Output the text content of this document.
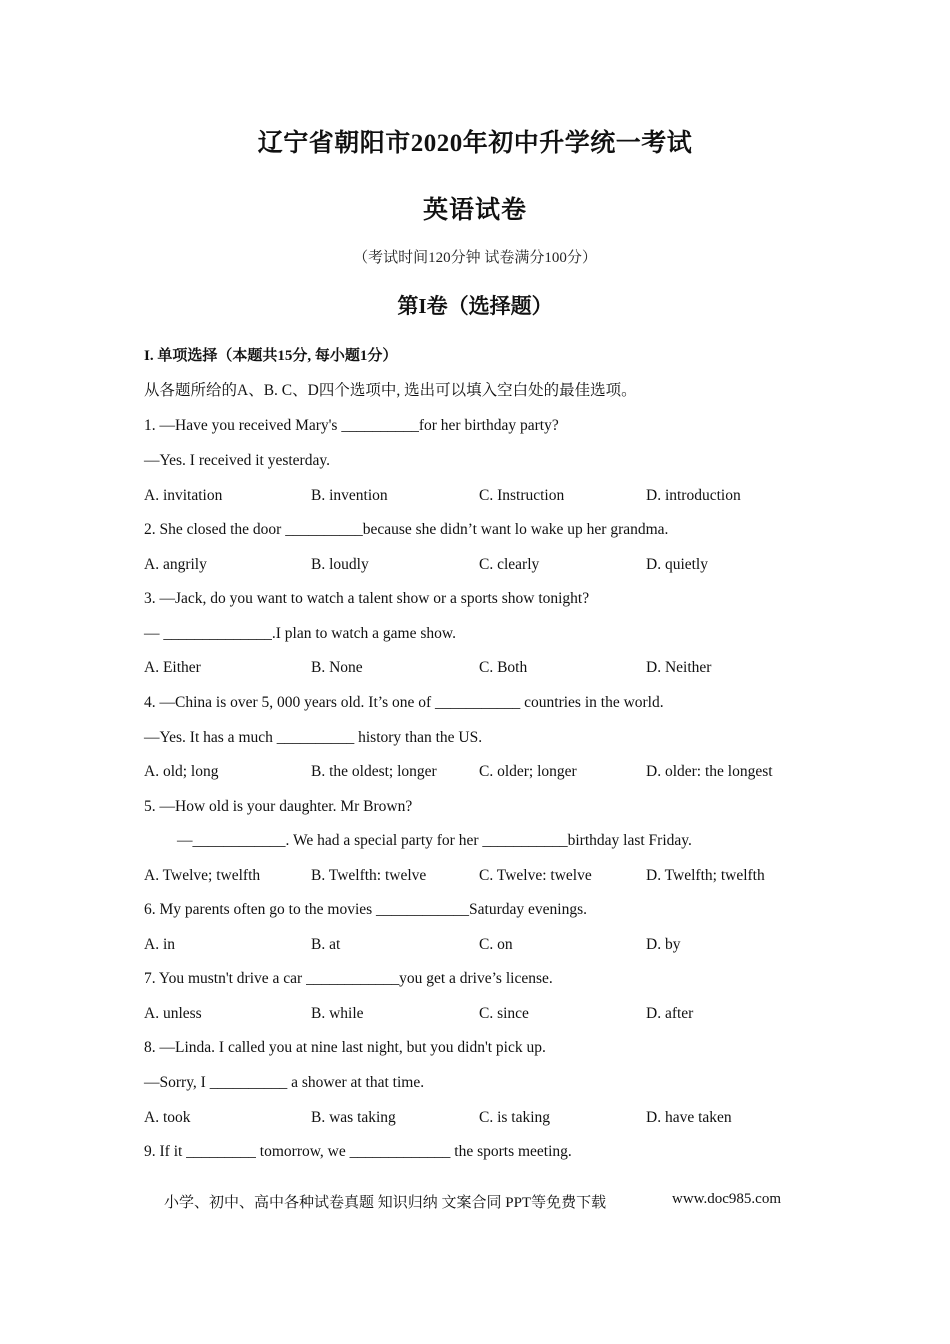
辽宁省朝阳市2020年初中升学统一考试
英语试卷
（考试时间120分钟 试卷满分100分）
第I卷（选择题）
I. 单项选择（本题共15分, 每小题1分）
从各题所给的A、B. C、D四个选项中, 选出可以填入空白处的最佳选项。
1. —Have you received Mary's __________for her birthday party?
—Yes. I received it yesterday.
A. invitation	B. invention	C. Instruction	D. introduction
2. She closed the door __________because she didn’t want lo wake up her grandma.
A. angrily	B. loudly	C. clearly	D. quietly
3. —Jack, do you want to watch a talent show or a sports show tonight?
— ______________.I plan to watch a game show.
A. Either	B. None	C. Both	D. Neither
4. —China is over 5, 000 years old. It’s one of ___________ countries in the world.
—Yes. It has a much __________ history than the US.
A. old; long	B. the oldest; longer	C. older; longer	D. older: the longest
5. —How old is your daughter. Mr Brown?
—____________. We had a special party for her ___________birthday last Friday.
A. Twelve; twelfth	B. Twelfth: twelve	C. Twelve: twelve	D. Twelfth; twelfth
6. My parents often go to the movies ____________Saturday evenings.
A. in	B. at	C. on	D. by
7. You mustn't drive a car ____________you get a drive’s license.
A. unless	B. while	C. since	D. after
8. —Linda. I called you at nine last night, but you didn't pick up.
—Sorry, I __________ a shower at that time.
A. took	B. was taking	C. is taking	D. have taken
9. If it _________ tomorrow, we _____________ the sports meeting.
小学、初中、高中各种试卷真题 知识归纳 文案合同 PPT等免费下载	www.doc985.com
